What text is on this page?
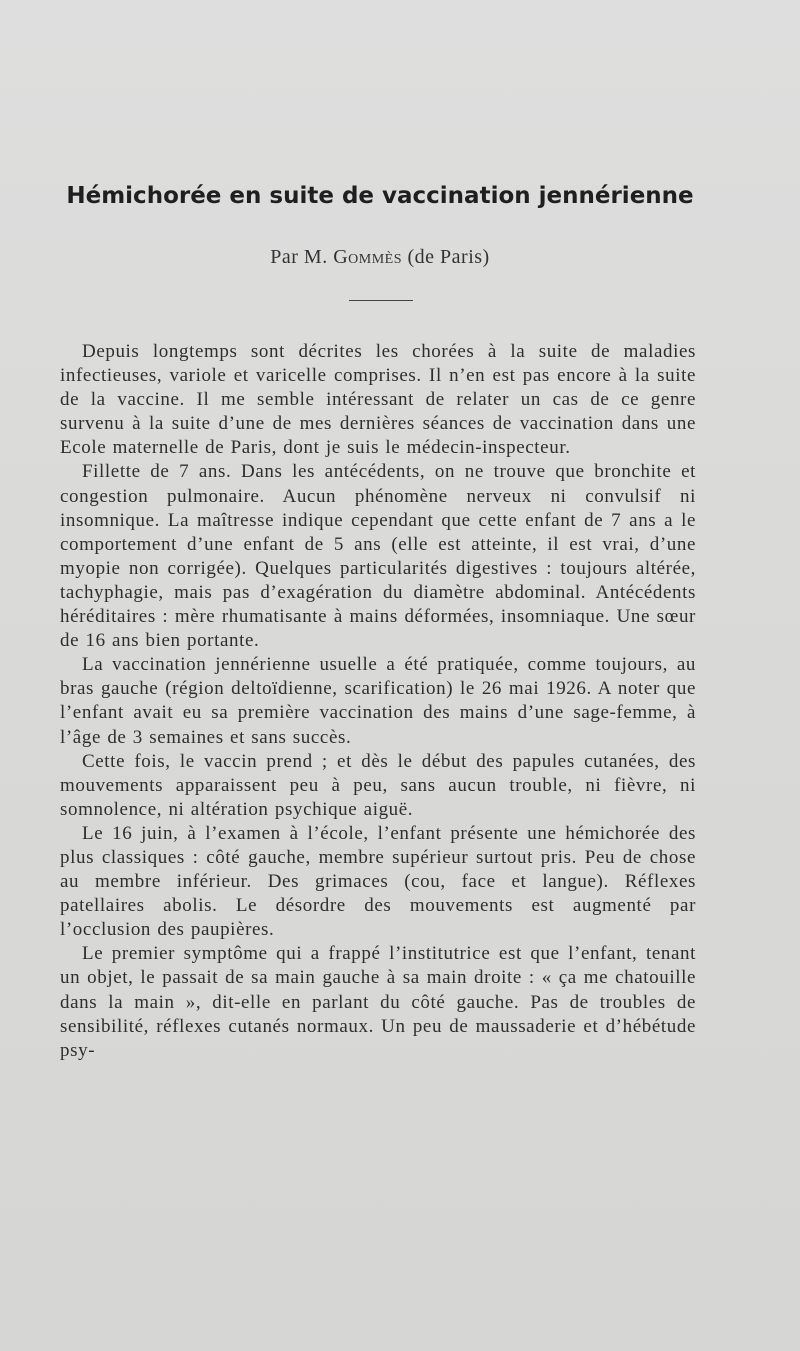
Hémichorée en suite de vaccination jennérienne
Par M. Gommès (de Paris)

Depuis longtemps sont décrites les chorées à la suite de maladies infectieuses, variole et varicelle comprises. Il n’en est pas encore à la suite de la vaccine. Il me semble intéressant de relater un cas de ce genre survenu à la suite d’une de mes dernières séances de vaccination dans une Ecole maternelle de Paris, dont je suis le médecin-inspecteur.

Fillette de 7 ans. Dans les antécédents, on ne trouve que bronchite et congestion pulmonaire. Aucun phénomène nerveux ni convulsif ni insomnique. La maîtresse indique cependant que cette enfant de 7 ans a le comportement d’une enfant de 5 ans (elle est atteinte, il est vrai, d’une myopie non corrigée). Quelques particularités digestives : toujours altérée, tachyphagie, mais pas d’exagération du diamètre abdominal. Antécédents héréditaires : mère rhumatisante à mains déformées, insomniaque. Une sœur de 16 ans bien portante.

La vaccination jennérienne usuelle a été pratiquée, comme toujours, au bras gauche (région deltoïdienne, scarification) le 26 mai 1926. A noter que l’enfant avait eu sa première vaccination des mains d’une sage-femme, à l’âge de 3 semaines et sans succès.

Cette fois, le vaccin prend ; et dès le début des papules cutanées, des mouvements apparaissent peu à peu, sans aucun trouble, ni fièvre, ni somnolence, ni altération psychique aiguë.

Le 16 juin, à l’examen à l’école, l’enfant présente une hémichorée des plus classiques : côté gauche, membre supérieur surtout pris. Peu de chose au membre inférieur. Des grimaces (cou, face et langue). Réflexes patellaires abolis. Le désordre des mouvements est augmenté par l’occlusion des paupières.

Le premier symptôme qui a frappé l’institutrice est que l’enfant, tenant un objet, le passait de sa main gauche à sa main droite : « ça me chatouille dans la main », dit-elle en parlant du côté gauche. Pas de troubles de sensibilité, réflexes cutanés normaux. Un peu de maussaderie et d’hébétude psy-
